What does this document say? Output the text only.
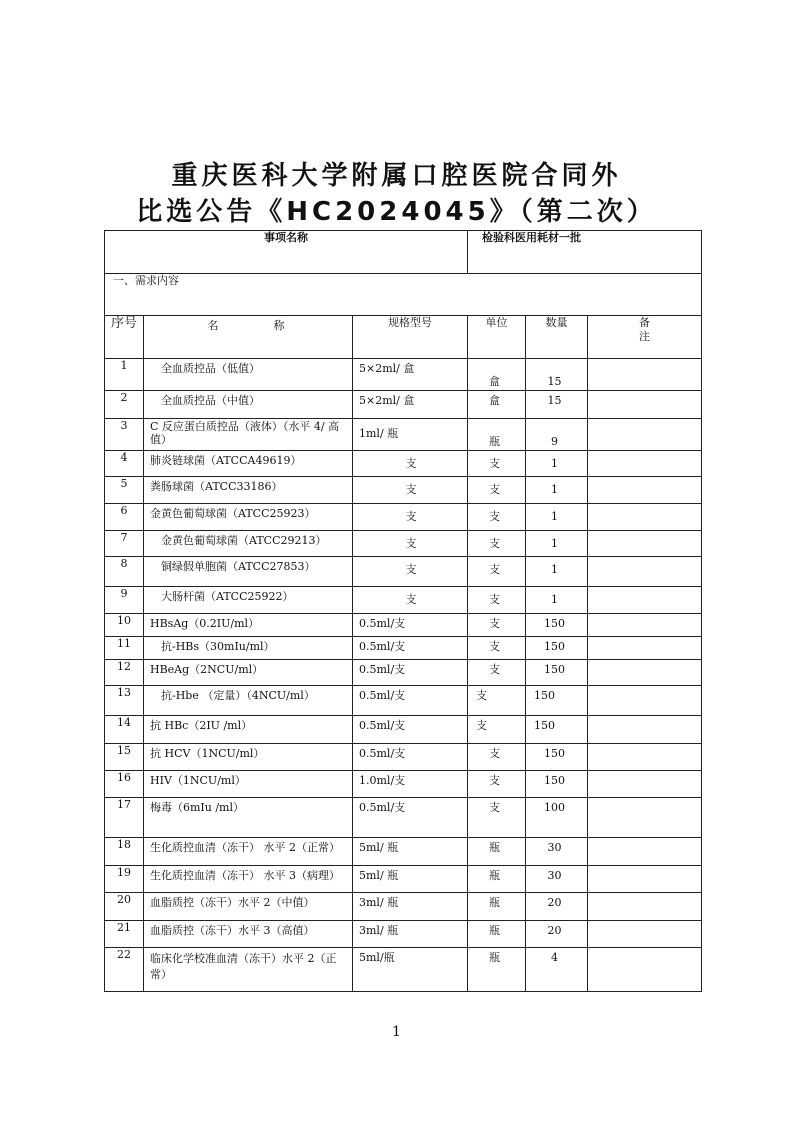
重庆医科大学附属口腔医院合同外
比选公告《HC2024045》（第二次）
事项名称			检验科医用耗材一批		
一、需求内容					
序号	名　称	规格型号	单位	数量	备　注
1	　全血质控品（低值）	5×2ml/ 盒	盒	15	
2	　全血质控品（中值）	5×2ml/ 盒	盒	15	
3	C 反应蛋白质控品（液体）（水平 4/ 高值）	1ml/ 瓶	瓶	9	
4	肺炎链球菌（ATCCA49619）	支	支	1	
5	粪肠球菌（ATCC33186）	支	支	1	
6	金黄色葡萄球菌（ATCC25923）	支	支	1	
7	　金黄色葡萄球菌（ATCC29213）	支	支	1	
8	　铜绿假单胞菌（ATCC27853）	支	支	1	
9	　大肠杆菌（ATCC25922）	支	支	1	
10	HBsAg（0.2IU/ml）	0.5ml/支	支	150	
11	　抗-HBs（30mIu/ml）	0.5ml/支	支	150	
12	HBeAg（2NCU/ml）	0.5ml/支	支	150	
13	　抗-Hbe （定量）（4NCU/ml）	0.5ml/支	支	150	
14	抗 HBc（2IU /ml）	0.5ml/支	支	150	
15	抗 HCV（1NCU/ml）	0.5ml/支	支	150	
16	HIV（1NCU/ml）	1.0ml/支	支	150	
17	梅毒（6mIu /ml）	0.5ml/支	支	100	
18	生化质控血清（冻干） 水平 2（正常）	5ml/ 瓶	瓶	30	
19	生化质控血清（冻干） 水平 3（病理）	5ml/ 瓶	瓶	30	
20	血脂质控（冻干）水平 2（中值）	3ml/ 瓶	瓶	20	
21	血脂质控（冻干）水平 3（高值）	3ml/ 瓶	瓶	20	
22	临床化学校准血清（冻干）水平 2（正常）	5ml/瓶	瓶	4	
1
